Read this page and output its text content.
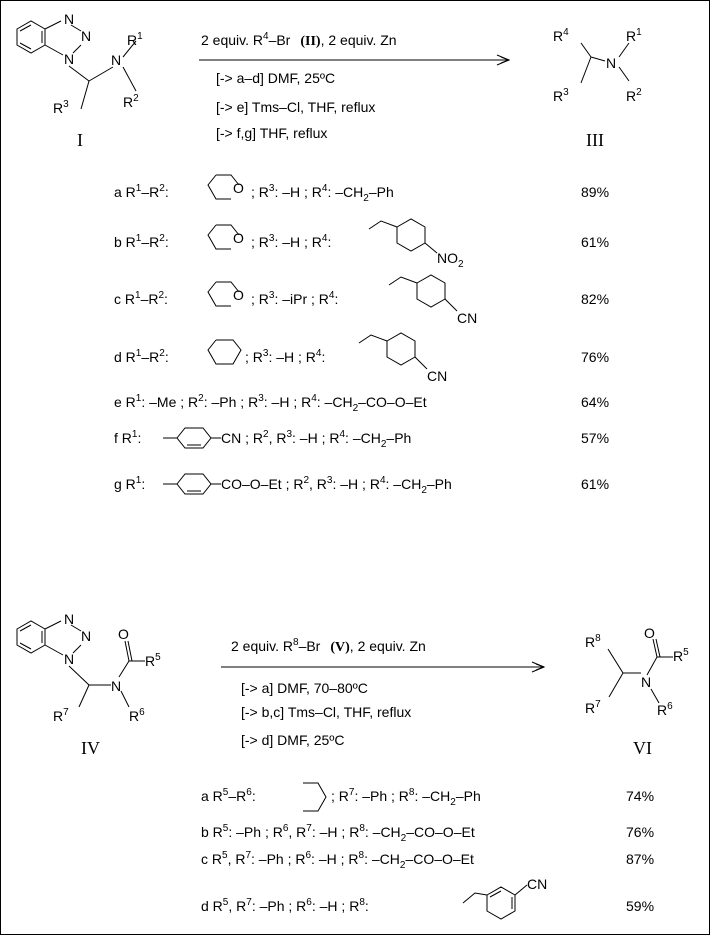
N
N
N	N
$R^1$
$R^2$
$R^3$
I
2 equiv. $R^4-Br$ (II), 2 equiv. Zn
[-> a–d] DMF, 25ºC
[-> e] Tms–Cl, THF, reflux
[-> f,g] THF, reflux
$R^4$
N
$R^1$
$R^2$
$R^3$
III
a $R^1-R^2$:	O ; $R^3$: –H ; $R^4$: $-CH_2-Ph$	89%
b $R^1-R^2$:	O ; $R^3$: –H ; $R^4$:
$NO_2$
61%
c $R^1-R^2$:	O ; $R^3$: –iPr ; $R^4$:
CN
82%
d $R^1-R^2$:	; $R^3$: –H ; $R^4$:
CN
76%
e $R^1$: –Me ; $R^2$: –Ph ; $R^3$: –H ; $R^4$: $-CH_2-CO-O-Et$	64%
f $R^1$:	CN ; $R^2$, $R^3$: –H ; $R^4$: $-CH_2-Ph$	57%
g $R^1$:	CO–O–Et ; $R^2$, $R^3$: –H ; $R^4$: $-CH_2-Ph$	61%
N
N
N
N
O
$R^5$
$R^6$
$R^7$
IV
2 equiv. $R^8-Br$ (V), 2 equiv. Zn
[-> a] DMF, 70–80ºC
[-> b,c] Tms–Cl, THF, reflux
[-> d] DMF, 25ºC
$R^8$
N
O
$R^5$
$R^6$
$R^7$
VI
a $R^5-R^6$:	; $R^7$: –Ph ; $R^8$: $-CH_2-Ph$	74%
b $R^5$: –Ph ; $R^6$, $R^7$: –H ; $R^8$: $-CH_2-CO-O-Et$	76%
c $R^5$, $R^7$: –Ph ; $R^6$: –H ; $R^8$: $-CH_2-CO-O-Et$	87%
d $R^5$, $R^7$: –Ph ; $R^6$: –H ; $R^8$:
CN
59%
